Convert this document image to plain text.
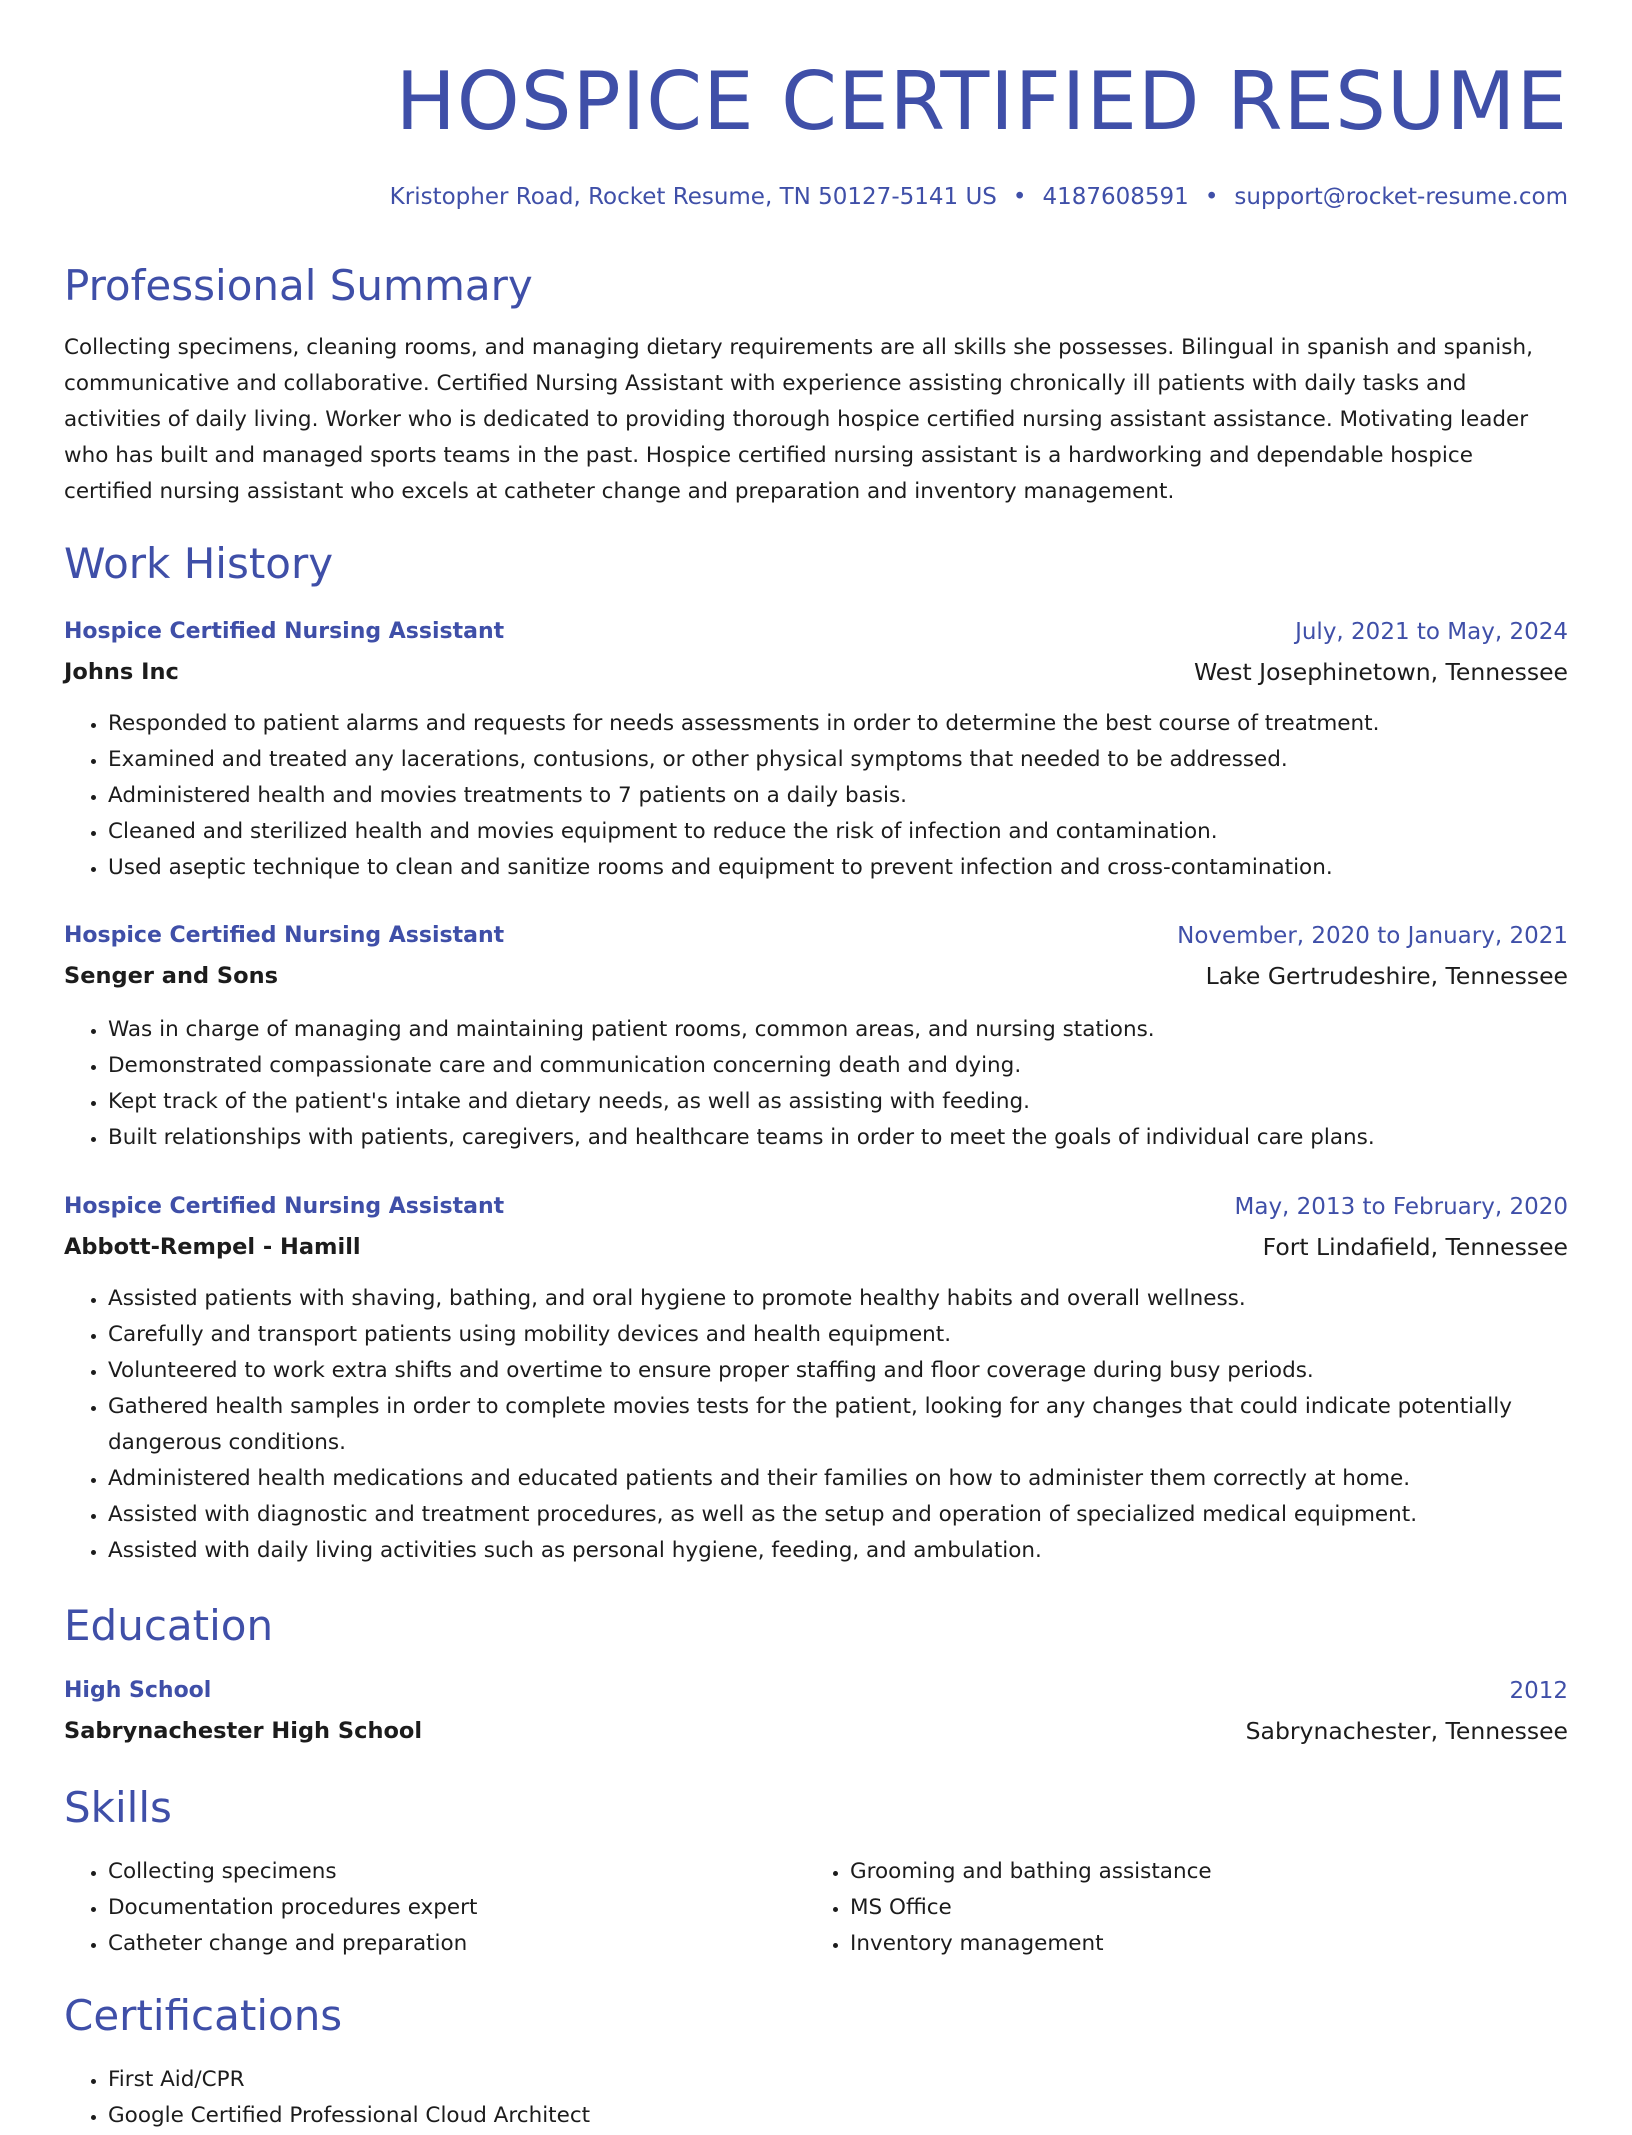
HOSPICE CERTIFIED RESUME
Kristopher Road, Rocket Resume, TN 50127-5141 US • 4187608591 • support@rocket-resume.com
Professional Summary

Collecting specimens, cleaning rooms, and managing dietary requirements are all skills she possesses. Bilingual in spanish and spanish, communicative and collaborative. Certified Nursing Assistant with experience assisting chronically ill patients with daily tasks and activities of daily living. Worker who is dedicated to providing thorough hospice certified nursing assistant assistance. Motivating leader who has built and managed sports teams in the past. Hospice certified nursing assistant is a hardworking and dependable hospice certified nursing assistant who excels at catheter change and preparation and inventory management.

Work History
Hospice Certified Nursing Assistant	July, 2021 to May, 2024
Johns Inc	West Josephinetown, Tennessee
• Responded to patient alarms and requests for needs assessments in order to determine the best course of treatment.
• Examined and treated any lacerations, contusions, or other physical symptoms that needed to be addressed.
• Administered health and movies treatments to 7 patients on a daily basis.
• Cleaned and sterilized health and movies equipment to reduce the risk of infection and contamination.
• Used aseptic technique to clean and sanitize rooms and equipment to prevent infection and cross-contamination.
Hospice Certified Nursing Assistant	November, 2020 to January, 2021
Senger and Sons	Lake Gertrudeshire, Tennessee
• Was in charge of managing and maintaining patient rooms, common areas, and nursing stations.
• Demonstrated compassionate care and communication concerning death and dying.
• Kept track of the patient's intake and dietary needs, as well as assisting with feeding.
• Built relationships with patients, caregivers, and healthcare teams in order to meet the goals of individual care plans.
Hospice Certified Nursing Assistant	May, 2013 to February, 2020
Abbott-Rempel - Hamill	Fort Lindafield, Tennessee
• Assisted patients with shaving, bathing, and oral hygiene to promote healthy habits and overall wellness.
• Carefully and transport patients using mobility devices and health equipment.
• Volunteered to work extra shifts and overtime to ensure proper staffing and floor coverage during busy periods.
• Gathered health samples in order to complete movies tests for the patient, looking for any changes that could indicate potentially dangerous conditions.
• Administered health medications and educated patients and their families on how to administer them correctly at home.
• Assisted with diagnostic and treatment procedures, as well as the setup and operation of specialized medical equipment.
• Assisted with daily living activities such as personal hygiene, feeding, and ambulation.
Education
High School	2012
Sabrynachester High School	Sabrynachester, Tennessee
Skills
• Collecting specimens
• Documentation procedures expert
• Catheter change and preparation
• Grooming and bathing assistance
• MS Office
• Inventory management
Certifications
• First Aid/CPR
• Google Certified Professional Cloud Architect
